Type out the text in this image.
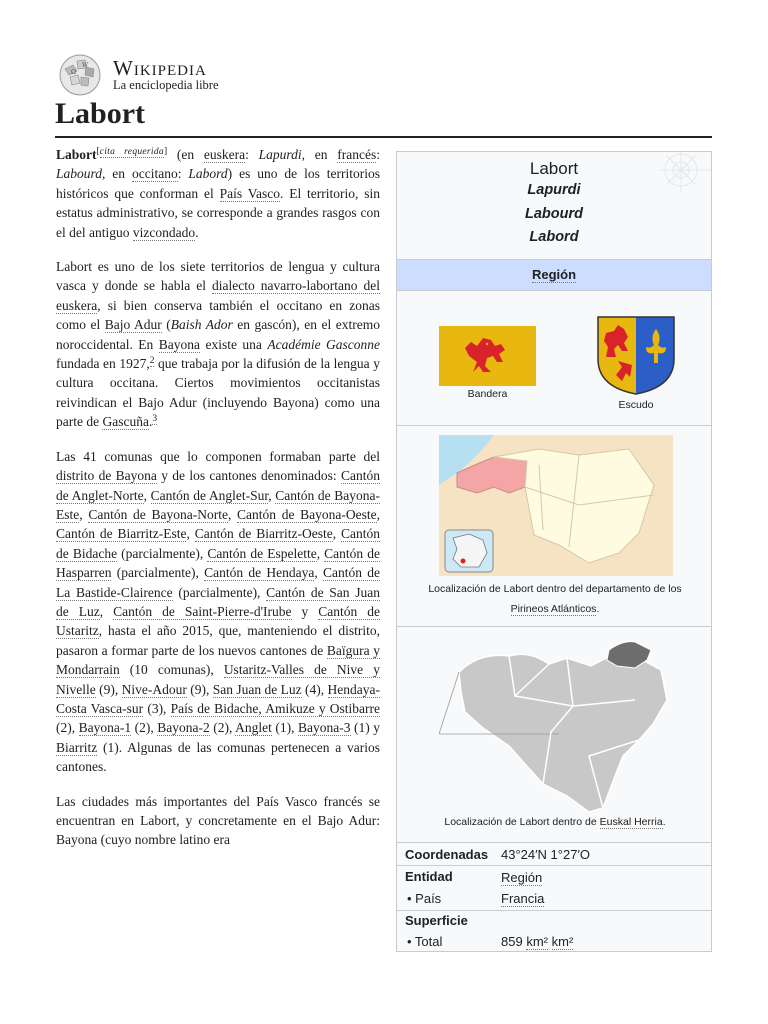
Ω
W Wikipedia
La enciclopedia libre
Labort

Labort[cita requerida] (en euskera: Lapurdi, en francés: Labourd, en occitano: Labord) es uno de los territorios históricos que conforman el País Vasco. El territorio, sin estatus administrativo, se corresponde a grandes rasgos con el del antiguo vizcondado.

Labort es uno de los siete territorios de lengua y cultura vasca y donde se habla el dialecto navarro-labortano del euskera, si bien conserva también el occitano en zonas como el Bajo Adur (Baish Ador en gascón), en el extremo noroccidental. En Bayona existe una Académie Gasconne fundada en 1927,$^2$ que trabaja por la difusión de la lengua y cultura occitana. Ciertos movimientos occitanistas reivindican el Bajo Adur (incluyendo Bayona) como una parte de Gascuña.$^3$

Las 41 comunas que lo componen formaban parte del distrito de Bayona y de los cantones denominados: Cantón de Anglet-Norte, Cantón de Anglet-Sur, Cantón de Bayona-Este, Cantón de Bayona-Norte, Cantón de Bayona-Oeste, Cantón de Biarritz-Este, Cantón de Biarritz-Oeste, Cantón de Bidache (parcialmente), Cantón de Espelette, Cantón de Hasparren (parcialmente), Cantón de Hendaya, Cantón de La Bastide-Clairence (parcialmente), Cantón de San Juan de Luz, Cantón de Saint-Pierre-d'Irube y Cantón de Ustaritz, hasta el año 2015, que, manteniendo el distrito, pasaron a formar parte de los nuevos cantones de Baïgura y Mondarrain (10 comunas), Ustaritz-Valles de Nive y Nivelle (9), Nive-Adour (9), San Juan de Luz (4), Hendaya-Costa Vasca-sur (3), País de Bidache, Amikuze y Ostibarre (2), Bayona-1 (2), Bayona-2 (2), Anglet (1), Bayona-3 (1) y Biarritz (1). Algunas de las comunas pertenecen a varios cantones.

Las ciudades más importantes del País Vasco francés se encuentran en Labort, y concretamente en el Bajo Adur: Bayona (cuyo nombre latino era

Labort
Lapurdi
Labourd
Labord
Región
Bandera
Escudo
Localización de Labort dentro del departamento de los
Pirineos Atlánticos.
Localización de Labort dentro de Euskal Herria.
Coordenadas 43°24′N 1°27′O
Entidad	Región
• País	Francia
Superficie
• Total	859 km² km²
